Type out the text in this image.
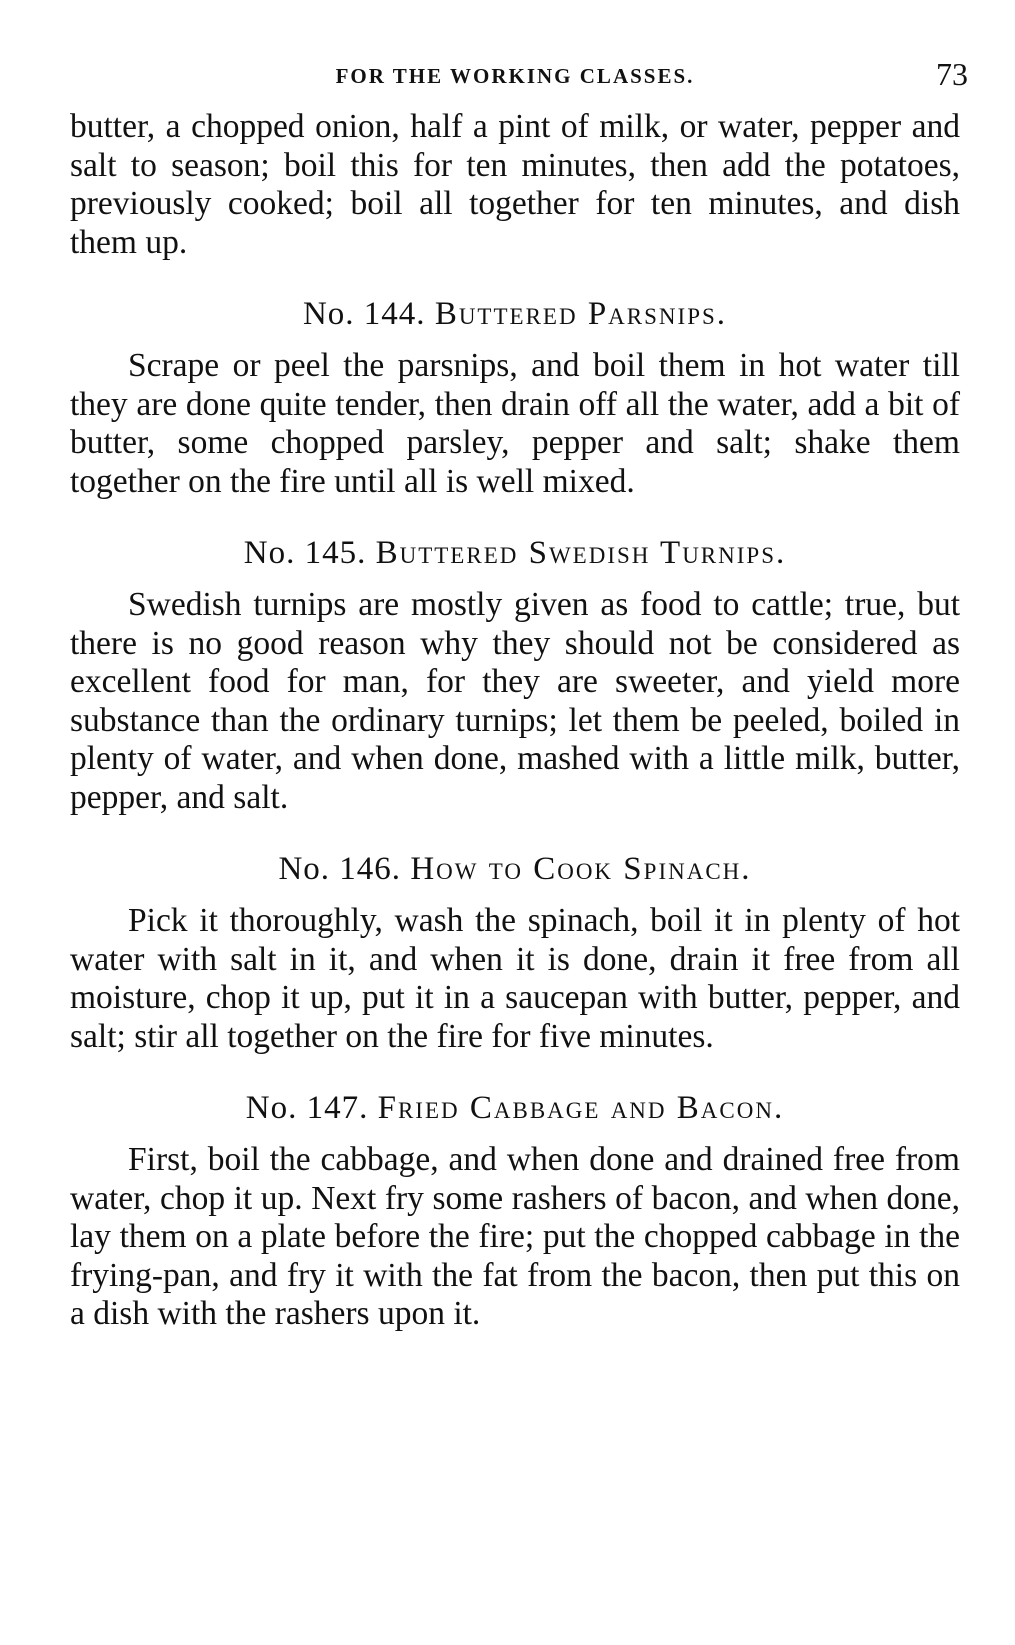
FOR THE WORKING CLASSES.	73

butter, a chopped onion, half a pint of milk, or water, pepper and salt to season; boil this for ten minutes, then add the potatoes, previously cooked; boil all together for ten minutes, and dish them up.

No. 144. Buttered Parsnips.

Scrape or peel the parsnips, and boil them in hot water till they are done quite tender, then drain off all the water, add a bit of butter, some chopped parsley, pepper and salt; shake them together on the fire until all is well mixed.

No. 145. Buttered Swedish Turnips.

Swedish turnips are mostly given as food to cattle; true, but there is no good reason why they should not be considered as excellent food for man, for they are sweeter, and yield more substance than the ordinary turnips; let them be peeled, boiled in plenty of water, and when done, mashed with a little milk, butter, pepper, and salt.

No. 146. How to Cook Spinach.

Pick it thoroughly, wash the spinach, boil it in plenty of hot water with salt in it, and when it is done, drain it free from all moisture, chop it up, put it in a saucepan with butter, pepper, and salt; stir all together on the fire for five minutes.

No. 147. Fried Cabbage and Bacon.

First, boil the cabbage, and when done and drained free from water, chop it up. Next fry some rashers of bacon, and when done, lay them on a plate before the fire; put the chopped cabbage in the frying-pan, and fry it with the fat from the bacon, then put this on a dish with the rashers upon it.
